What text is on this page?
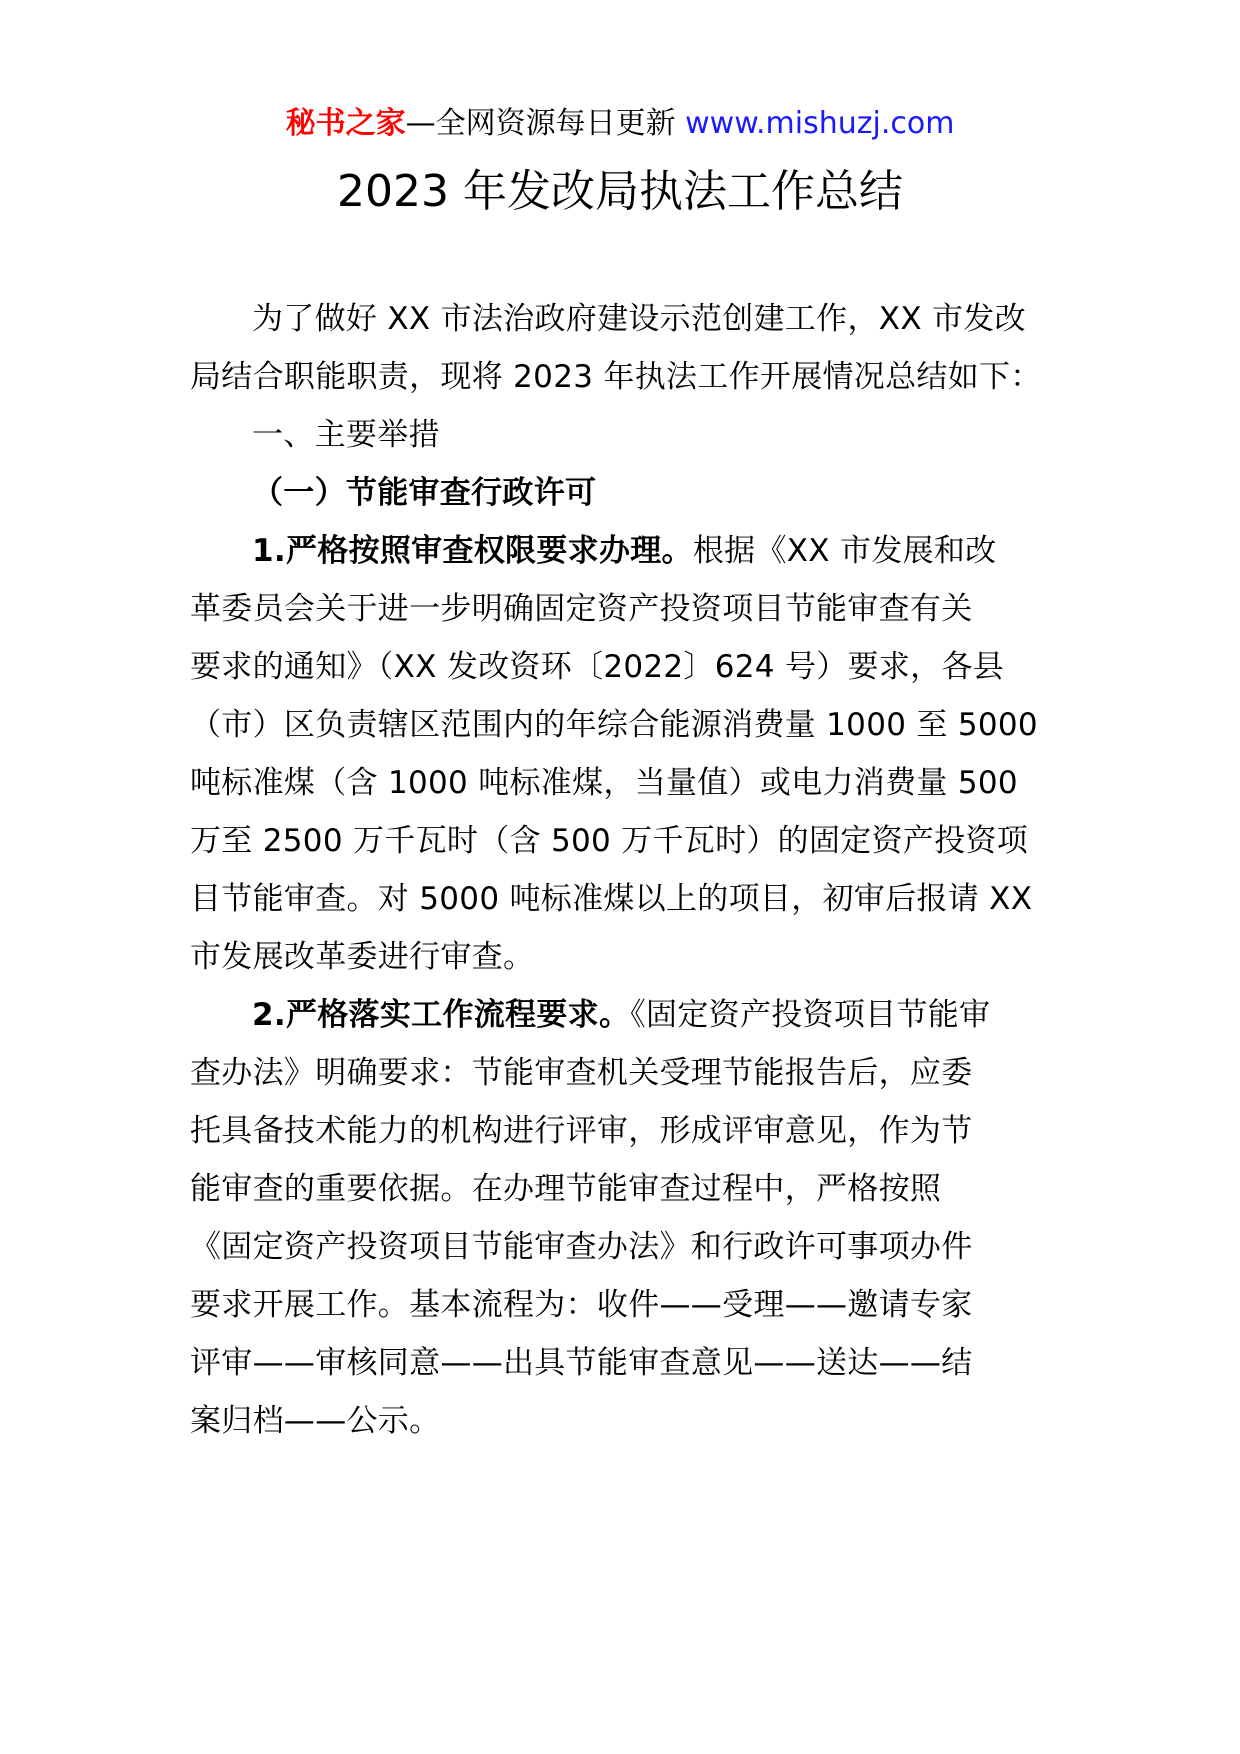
秘书之家—全网资源每日更新 www.mishuzj.com
2023 年发改局执法工作总结
为了做好 XX 市法治政府建设示范创建工作，XX 市发改
局结合职能职责，现将 2023 年执法工作开展情况总结如下：
一、主要举措
（一）节能审查行政许可
1.严格按照审查权限要求办理。根据《XX 市发展和改
革委员会关于进一步明确固定资产投资项目节能审查有关
要求的通知》（XX 发改资环〔2022〕624 号）要求，各县
（市）区负责辖区范围内的年综合能源消费量 1000 至 5000
吨标准煤（含 1000 吨标准煤，当量值）或电力消费量 500
万至 2500 万千瓦时（含 500 万千瓦时）的固定资产投资项
目节能审查。对 5000 吨标准煤以上的项目，初审后报请 XX
市发展改革委进行审查。
2.严格落实工作流程要求。《固定资产投资项目节能审
查办法》明确要求：节能审查机关受理节能报告后，应委
托具备技术能力的机构进行评审，形成评审意见，作为节
能审查的重要依据。在办理节能审查过程中，严格按照
《固定资产投资项目节能审查办法》和行政许可事项办件
要求开展工作。基本流程为：收件——受理——邀请专家
评审——审核同意——出具节能审查意见——送达——结
案归档——公示。
